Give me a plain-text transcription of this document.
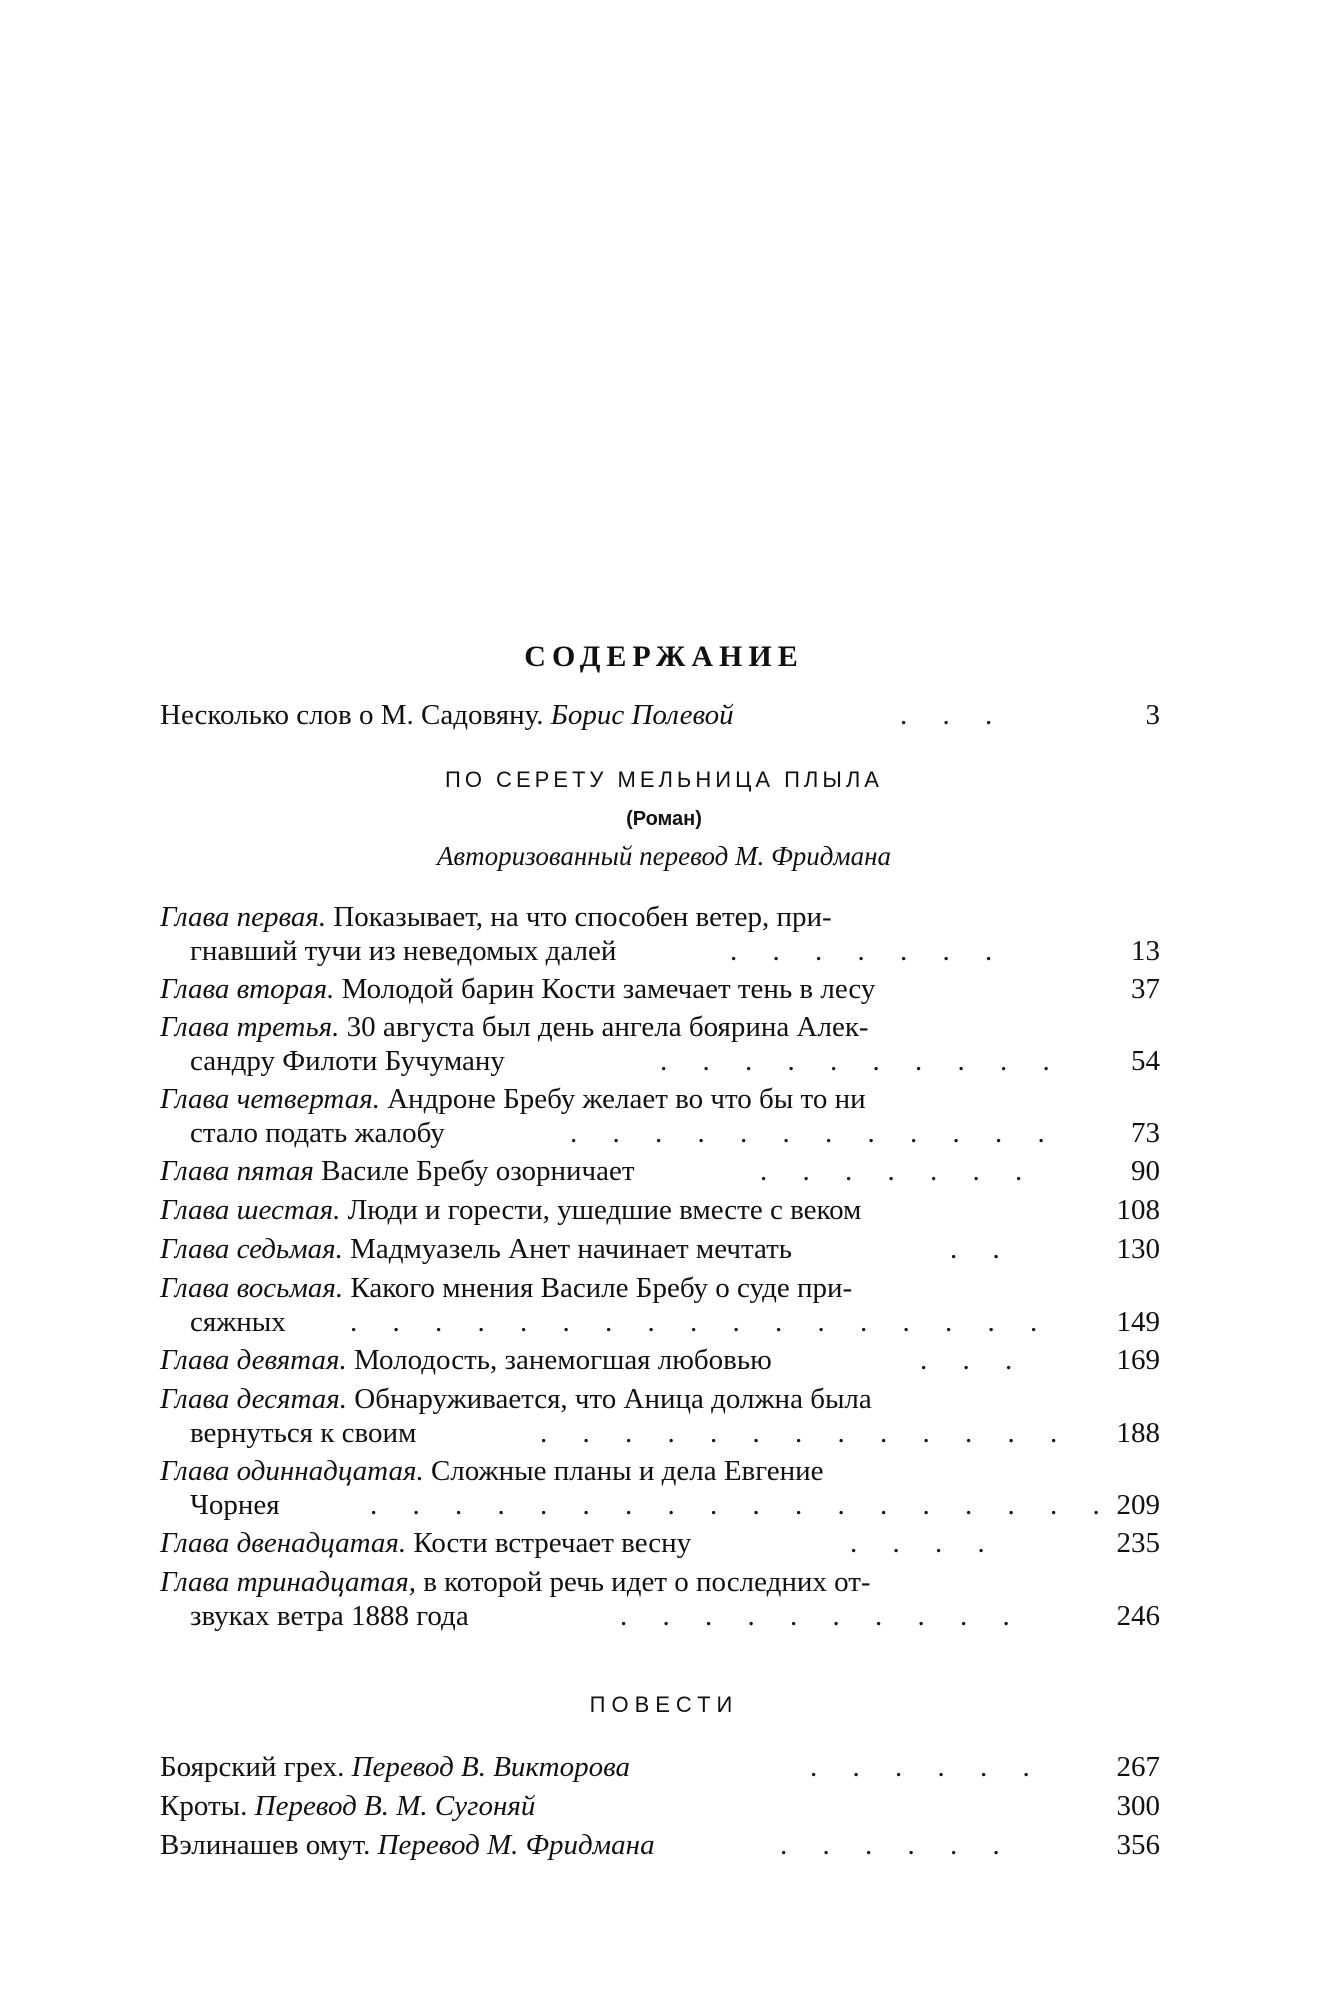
СОДЕРЖАНИЕ
Несколько слов о М. Садовяну. Борис Полевой	. . .	3
ПО СЕРЕТУ МЕЛЬНИЦА ПЛЫЛА
(Роман)
Авторизованный перевод М. Фридмана
Глава первая. Показывает, на что способен ветер, при-
гнавший тучи из неведомых далей	. . . . . . .	13
Глава вторая. Молодой барин Кости замечает тень в лесу	37
Глава третья. 30 августа был день ангела боярина Алек-
сандру Филоти Бучуману	. . . . . . . . . .	54
Глава четвертая. Андроне Бребу желает во что бы то ни
стало подать жалобу	. . . . . . . . . . . .	73
Глава пятая Василе Бребу озорничает	. . . . . . .	90
Глава шестая. Люди и горести, ушедшие вместе с веком	108
Глава седьмая. Мадмуазель Анет начинает мечтать	. .	130
Глава восьмая. Какого мнения Василе Бребу о суде при-
сяжных . . . . . . . . . . . . . . . . .	149
Глава девятая. Молодость, занемогшая любовью	. . .	169
Глава десятая. Обнаруживается, что Аница должна была
вернуться к своим	. . . . . . . . . . . . .	188
Глава одиннадцатая. Сложные планы и дела Евгение
Чорнея	. . . . . . . . . . . . . . . . . . 209
Глава двенадцатая. Кости встречает весну	. . . .	235
Глава тринадцатая, в которой речь идет о последних от-
звуках ветра 1888 года	. . . . . . . . . .	246
ПОВЕСТИ
Боярский грех. Перевод В. Викторова	. . . . . .	267
Кроты. Перевод В. М. Сугоняй	300
Вэлинашев омут. Перевод М. Фридмана	. . . . . .	356
